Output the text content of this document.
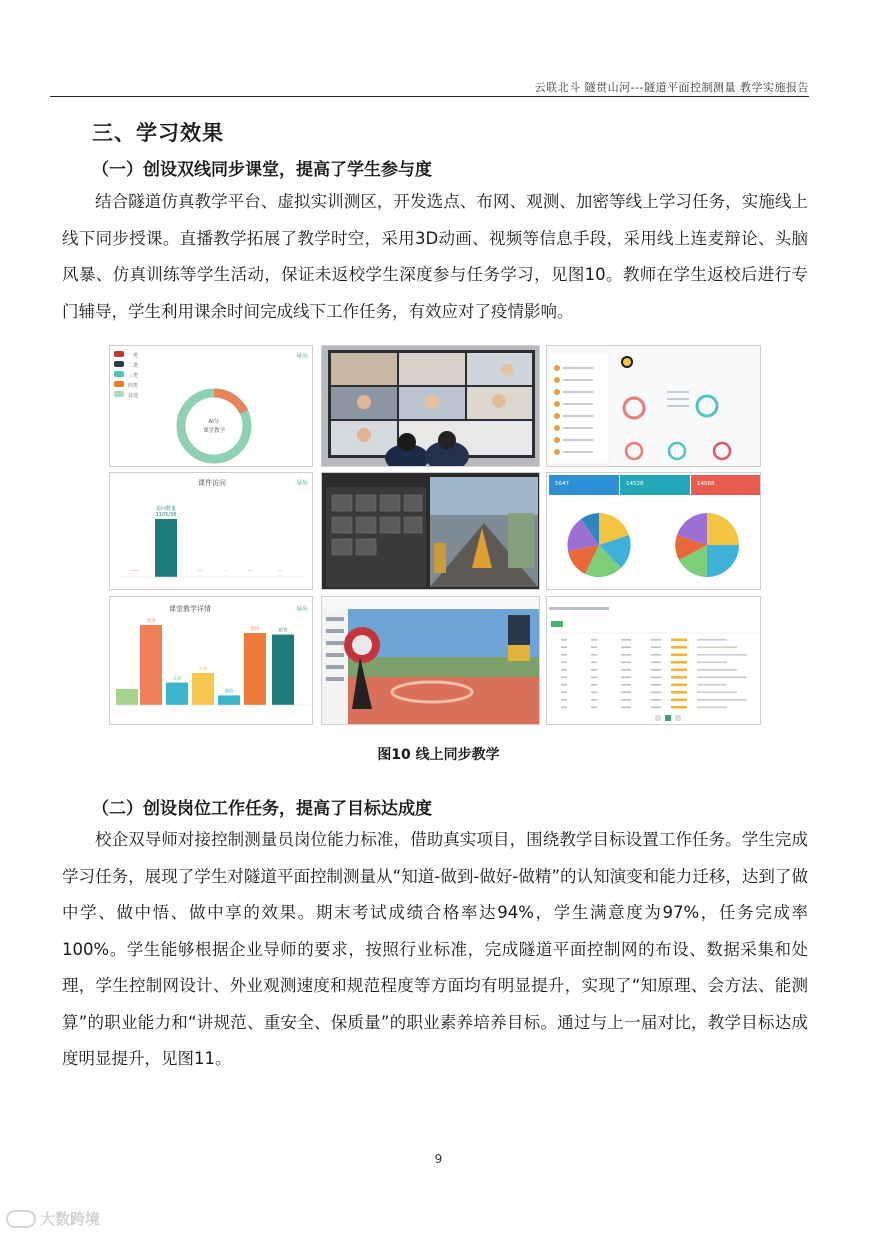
云联北斗 隧贯山河---隧道平面控制测量 教学实施报告
三、学习效果
（一）创设双线同步课堂，提高了学生参与度
结合隧道仿真教学平台、虚拟实训测区，开发选点、布网、观测、加密等线上学习任务，实施线上线下同步授课。直播教学拓展了教学时空，采用3D动画、视频等信息手段，采用线上连麦辩论、头脑风暴、仿真训练等学生活动，保证未返校学生深度参与任务学习，见图10。教师在学生返校后进行专门辅导，学生利用课余时间完成线下工作任务，有效应对了疫情影响。
一类
二类
三类
四类
其他
导出
AI分
课堂教学
课件访问	导出
访问数量
1105/36
——	—	—	—	—
5647	14528	14068
课堂教学详情	导出
签到
互动
头脑
测验
提问	抢答
图10 线上同步教学
（二）创设岗位工作任务，提高了目标达成度
校企双导师对接控制测量员岗位能力标准，借助真实项目，围绕教学目标设置工作任务。学生完成学习任务，展现了学生对隧道平面控制测量从“知道-做到-做好-做精”的认知演变和能力迁移，达到了做中学、做中悟、做中享的效果。期末考试成绩合格率达94%，学生满意度为97%，任务完成率100%。学生能够根据企业导师的要求，按照行业标准，完成隧道平面控制网的布设、数据采集和处理，学生控制网设计、外业观测速度和规范程度等方面均有明显提升，实现了“知原理、会方法、能测算”的职业能力和“讲规范、重安全、保质量”的职业素养培养目标。通过与上一届对比，教学目标达成度明显提升，见图11。
9
大数跨境
